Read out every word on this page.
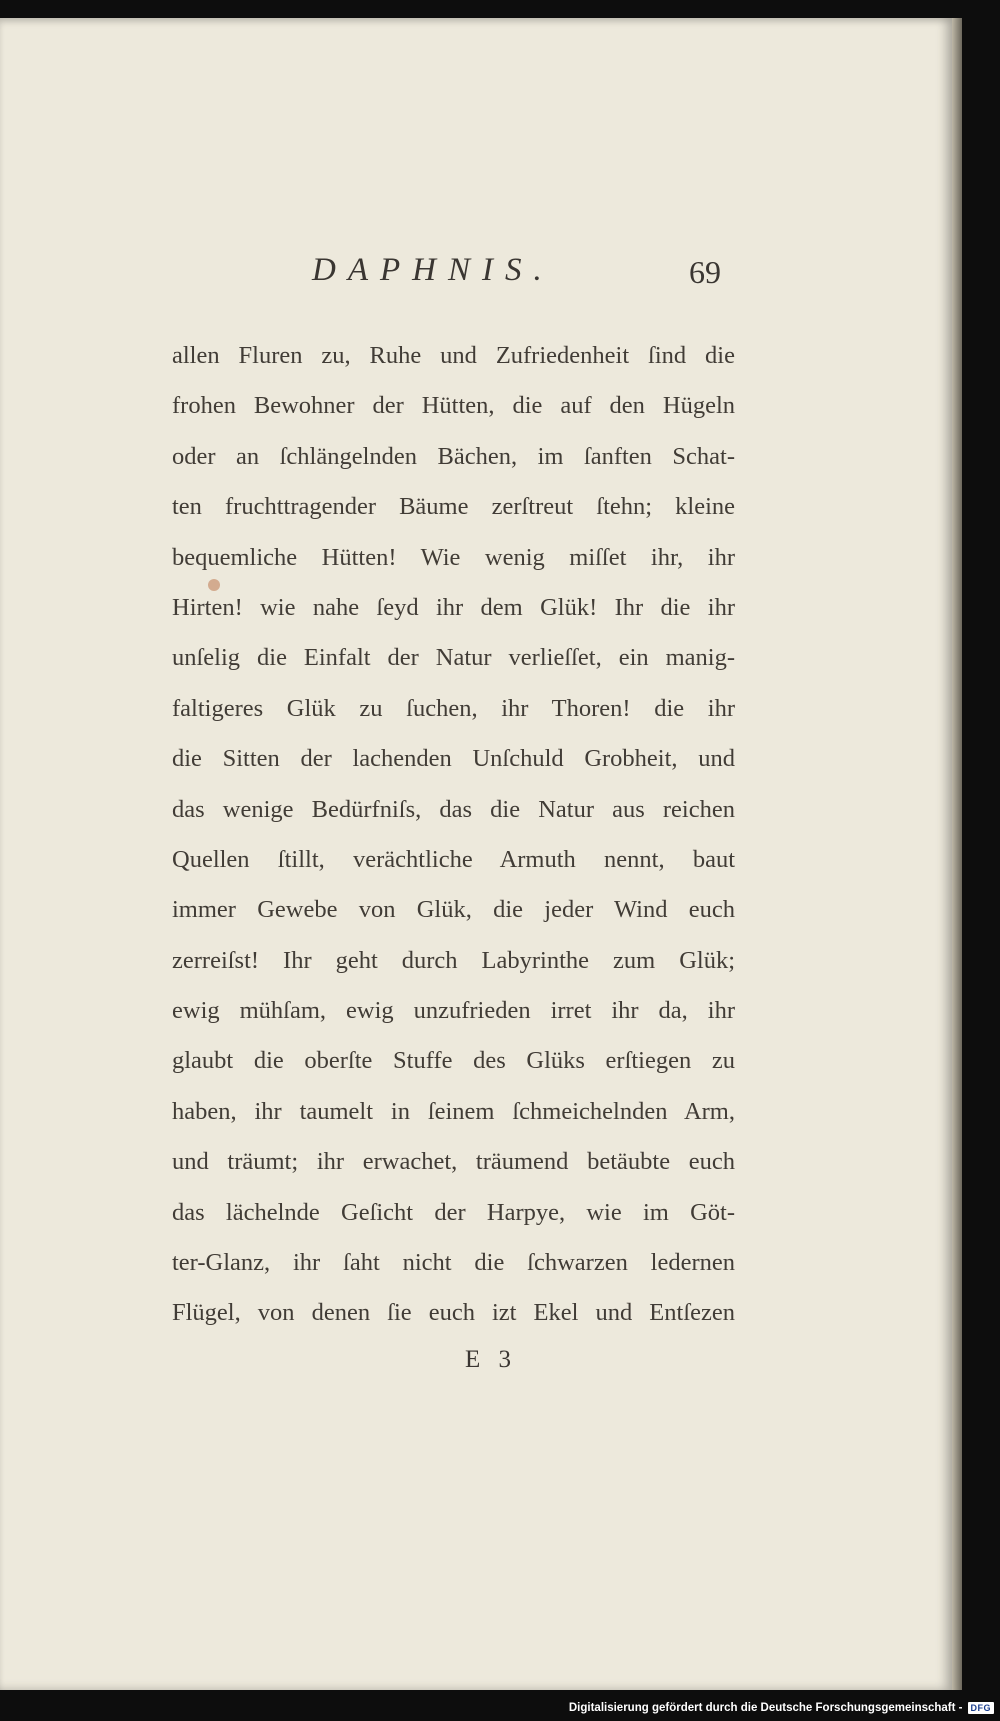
DAPHNIS.	69
allen Fluren zu, Ruhe und Zufriedenheit ſind die
frohen Bewohner der Hütten, die auf den Hügeln
oder an ſchlängelnden Bächen, im ſanften Schat-
ten fruchttragender Bäume zerſtreut ſtehn; kleine
bequemliche Hütten! Wie wenig miſſet ihr, ihr
Hirten! wie nahe ſeyd ihr dem Glük! Ihr die ihr
unſelig die Einfalt der Natur verlieſſet, ein manig-
faltigeres Glük zu ſuchen, ihr Thoren! die ihr
die Sitten der lachenden Unſchuld Grobheit, und
das wenige Bedürfniſs, das die Natur aus reichen
Quellen ſtillt, verächtliche Armuth nennt, baut
immer Gewebe von Glük, die jeder Wind euch
zerreiſst! Ihr geht durch Labyrinthe zum Glük;
ewig mühſam, ewig unzufrieden irret ihr da, ihr
glaubt die oberſte Stuffe des Glüks erſtiegen zu
haben, ihr taumelt in ſeinem ſchmeichelnden Arm,
und träumt; ihr erwachet, träumend betäubte euch
das lächelnde Geſicht der Harpye, wie im Göt-
ter-Glanz, ihr ſaht nicht die ſchwarzen ledernen
Flügel, von denen ſie euch izt Ekel und Entſezen
E 3
Digitalisierung gefördert durch die Deutsche Forschungsgemeinschaft - DFG
